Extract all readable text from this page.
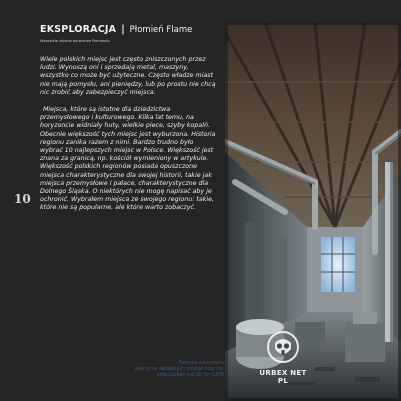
EKSPLORACJA | Płomień Flame
Wszystkie zdjęcia autorstwa Płomienia

Wiele polskich miejsc jest często zniszczonych przez ludzi. Wynoszą oni i sprzedają metal, maszyny, wszystko co może być użyteczne. Często władze miast nie mają pomysłu, ani pieniędzy, lub po prostu nie chcą nic zrobić aby zabezpieczyć miejsca.

Miejsca, które są istotne dla dziedzictwa przemysłowego i kulturowego. Kilka lat temu, na horyzoncie widniały huty, wielkie piece, szyby kopalń. Obecnie większość tych miejsc jest wyburzona. Historia regionu zanika razem z nimi. Bardzo trudno było wybrać 10 najlepszych miejsc w Polsce. Większość jest znana za granicą, np. kościół wymieniony w artykule. Większość polskich regionów posiada opuszczone miejsca charakterystyczne dla swojej historii, takie jak miejsca przemysłowe i pałace, charakterystyczne dla Dolnego Śląska. O niektórych nie mogę napisać aby je ochronić. Wybrałem miejsca ze swojego regionu: takie, które nie są popularne, ale które warto zobaczyć.

10
Fabryka ponumeru
więcej na zadbanych stronie oraz na:
http://urbex.net.pl/?p=1339	URBEX NET PL
